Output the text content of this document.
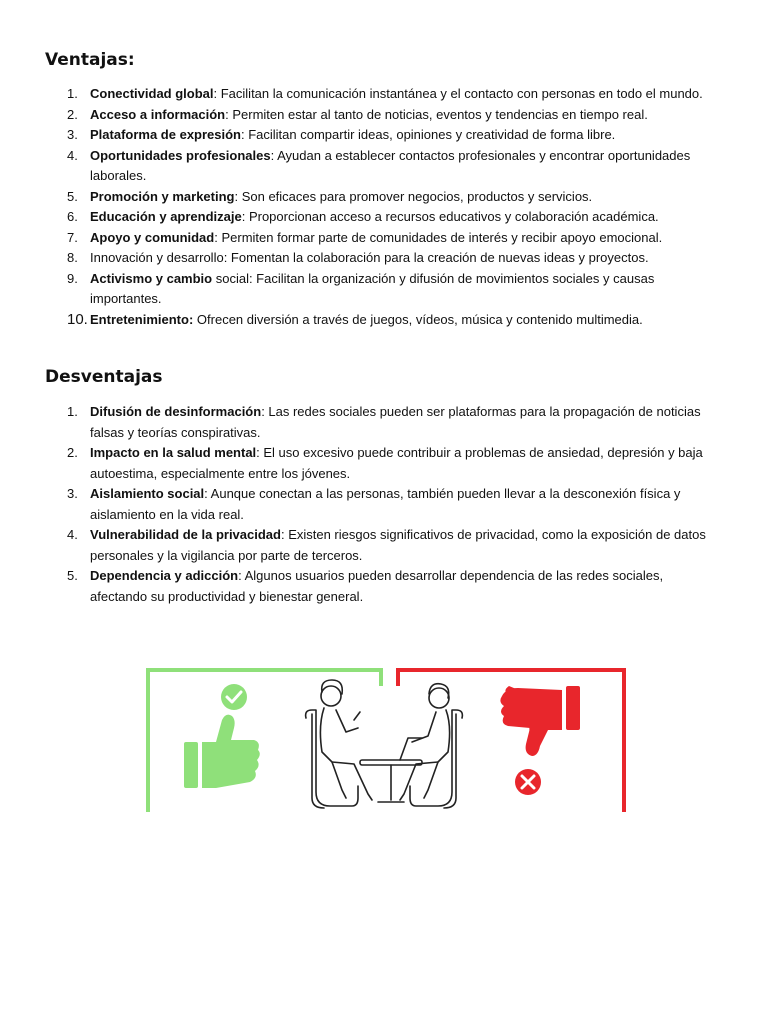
Ventajas:
1. Conectividad global: Facilitan la comunicación instantánea y el contacto con personas en todo el mundo.
2. Acceso a información: Permiten estar al tanto de noticias, eventos y tendencias en tiempo real.
3. Plataforma de expresión: Facilitan compartir ideas, opiniones y creatividad de forma libre.
4. Oportunidades profesionales: Ayudan a establecer contactos profesionales y encontrar oportunidades laborales.
5. Promoción y marketing: Son eficaces para promover negocios, productos y servicios.
6. Educación y aprendizaje: Proporcionan acceso a recursos educativos y colaboración académica.
7. Apoyo y comunidad: Permiten formar parte de comunidades de interés y recibir apoyo emocional.
8. Innovación y desarrollo: Fomentan la colaboración para la creación de nuevas ideas y proyectos.
9. Activismo y cambio social: Facilitan la organización y difusión de movimientos sociales y causas importantes.
10. Entretenimiento: Ofrecen diversión a través de juegos, vídeos, música y contenido multimedia.
Desventajas
1. Difusión de desinformación: Las redes sociales pueden ser plataformas para la propagación de noticias falsas y teorías conspirativas.
2. Impacto en la salud mental: El uso excesivo puede contribuir a problemas de ansiedad, depresión y baja autoestima, especialmente entre los jóvenes.
3. Aislamiento social: Aunque conectan a las personas, también pueden llevar a la desconexión física y aislamiento en la vida real.
4. Vulnerabilidad de la privacidad: Existen riesgos significativos de privacidad, como la exposición de datos personales y la vigilancia por parte de terceros.
5. Dependencia y adicción: Algunos usuarios pueden desarrollar dependencia de las redes sociales, afectando su productividad y bienestar general.
